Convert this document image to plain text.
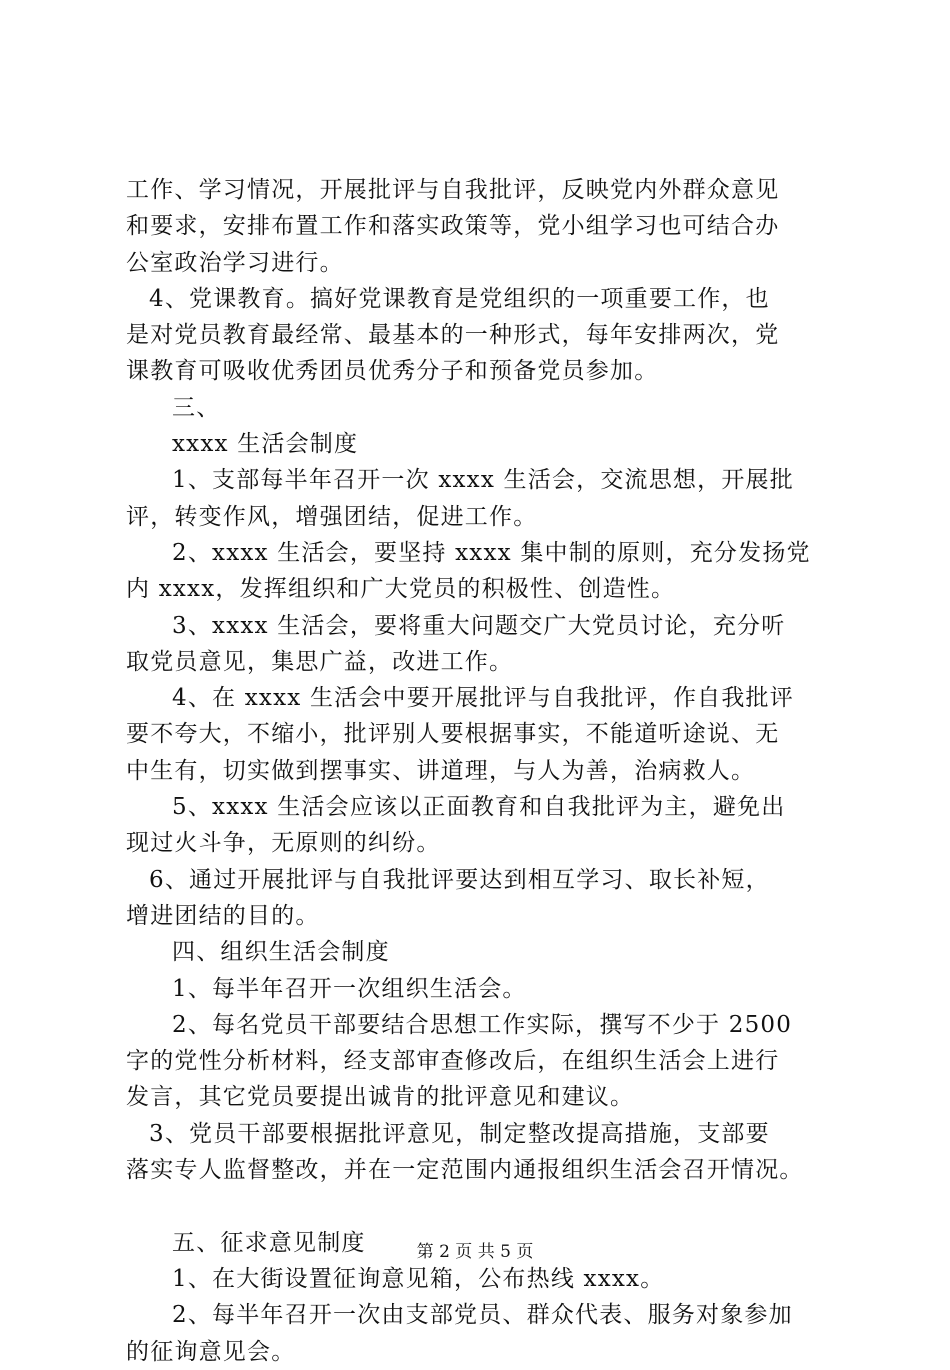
工作、学习情况，开展批评与自我批评，反映党内外群众意见
和要求，安排布置工作和落实政策等，党小组学习也可结合办
公室政治学习进行。
4、党课教育。搞好党课教育是党组织的一项重要工作，也
是对党员教育最经常、最基本的一种形式，每年安排两次，党
课教育可吸收优秀团员优秀分子和预备党员参加。
三、
xxxx 生活会制度
1、支部每半年召开一次 xxxx 生活会，交流思想，开展批
评，转变作风，增强团结，促进工作。
2、xxxx 生活会，要坚持 xxxx 集中制的原则，充分发扬党
内 xxxx，发挥组织和广大党员的积极性、创造性。
3、xxxx 生活会，要将重大问题交广大党员讨论，充分听
取党员意见，集思广益，改进工作。
4、在 xxxx 生活会中要开展批评与自我批评，作自我批评
要不夸大，不缩小，批评别人要根据事实，不能道听途说、无
中生有，切实做到摆事实、讲道理，与人为善，治病救人。
5、xxxx 生活会应该以正面教育和自我批评为主，避免出
现过火斗争，无原则的纠纷。
6、通过开展批评与自我批评要达到相互学习、取长补短，
增进团结的目的。
四、组织生活会制度
1、每半年召开一次组织生活会。
2、每名党员干部要结合思想工作实际，撰写不少于 2500
字的党性分析材料，经支部审查修改后，在组织生活会上进行
发言，其它党员要提出诚肯的批评意见和建议。
3、党员干部要根据批评意见，制定整改提高措施，支部要
落实专人监督整改，并在一定范围内通报组织生活会召开情况。
五、征求意见制度
1、在大街设置征询意见箱，公布热线 xxxx。
2、每半年召开一次由支部党员、群众代表、服务对象参加
的征询意见会。
第 2 页 共 5 页
